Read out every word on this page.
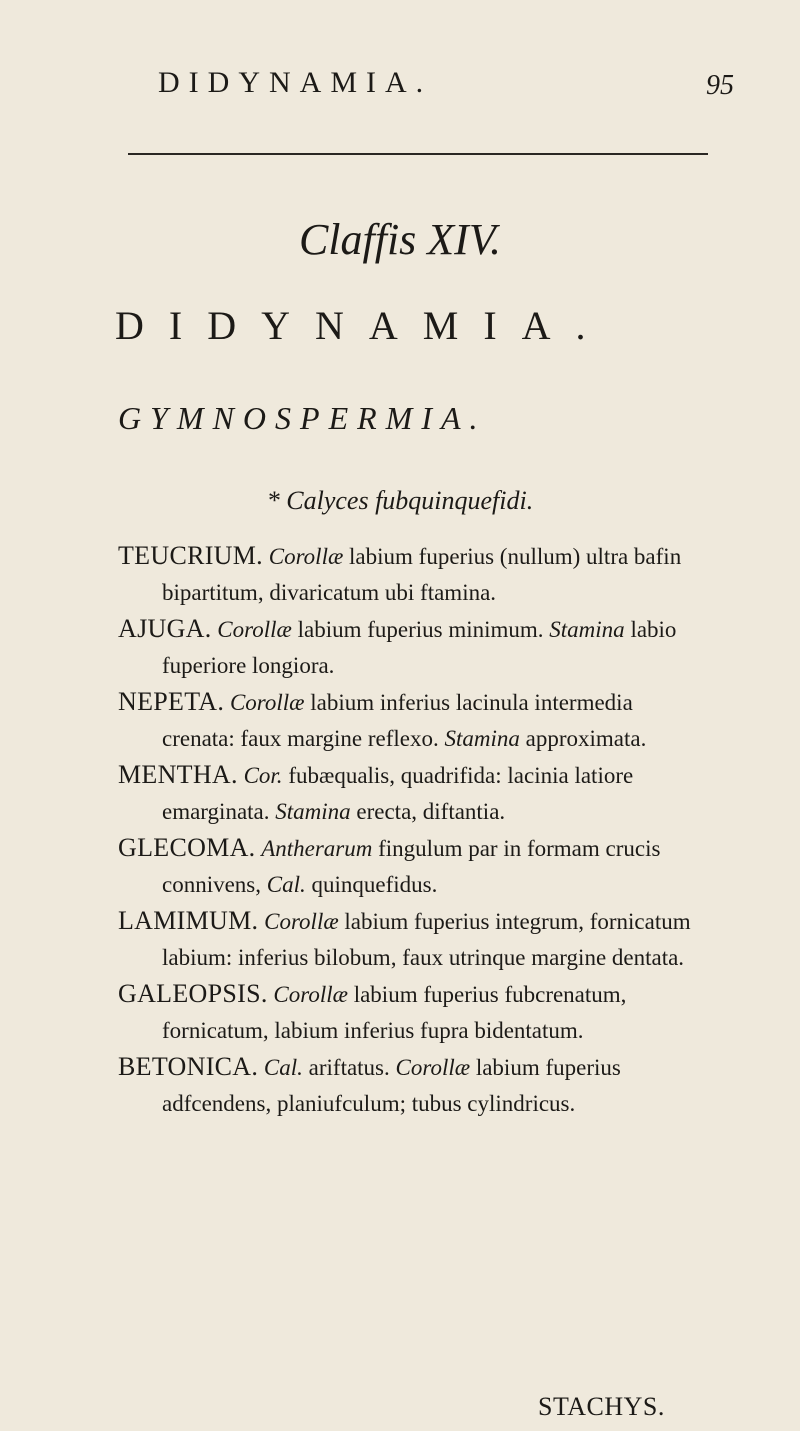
DIDYNAMIA.	95
Claffis XIV.
DIDYNAMIA.
GYMNOSPERMIA.
* Calyces fubquinquefidi.

TEUCRIUM. Corollæ labium fuperius (nullum) ultra bafin bipartitum, divaricatum ubi ftamina.

AJUGA. Corollæ labium fuperius minimum. Stamina labio fuperiore longiora.

NEPETA. Corollæ labium inferius lacinula intermedia crenata: faux margine reflexo. Stamina approximata.

MENTHA. Cor. fubæqualis, quadrifida: lacinia latiore emarginata. Stamina erecta, diftantia.

GLECOMA. Antherarum fingulum par in formam crucis connivens, Cal. quinquefidus.

LAMIMUM. Corollæ labium fuperius integrum, fornicatum labium: inferius bilobum, faux utrinque margine dentata.

GALEOPSIS. Corollæ labium fuperius fubcrenatum, fornicatum, labium inferius fupra bidentatum.

BETONICA. Cal. ariftatus. Corollæ labium fuperius adfcendens, planiufculum; tubus cylindricus.

STACHYS.
